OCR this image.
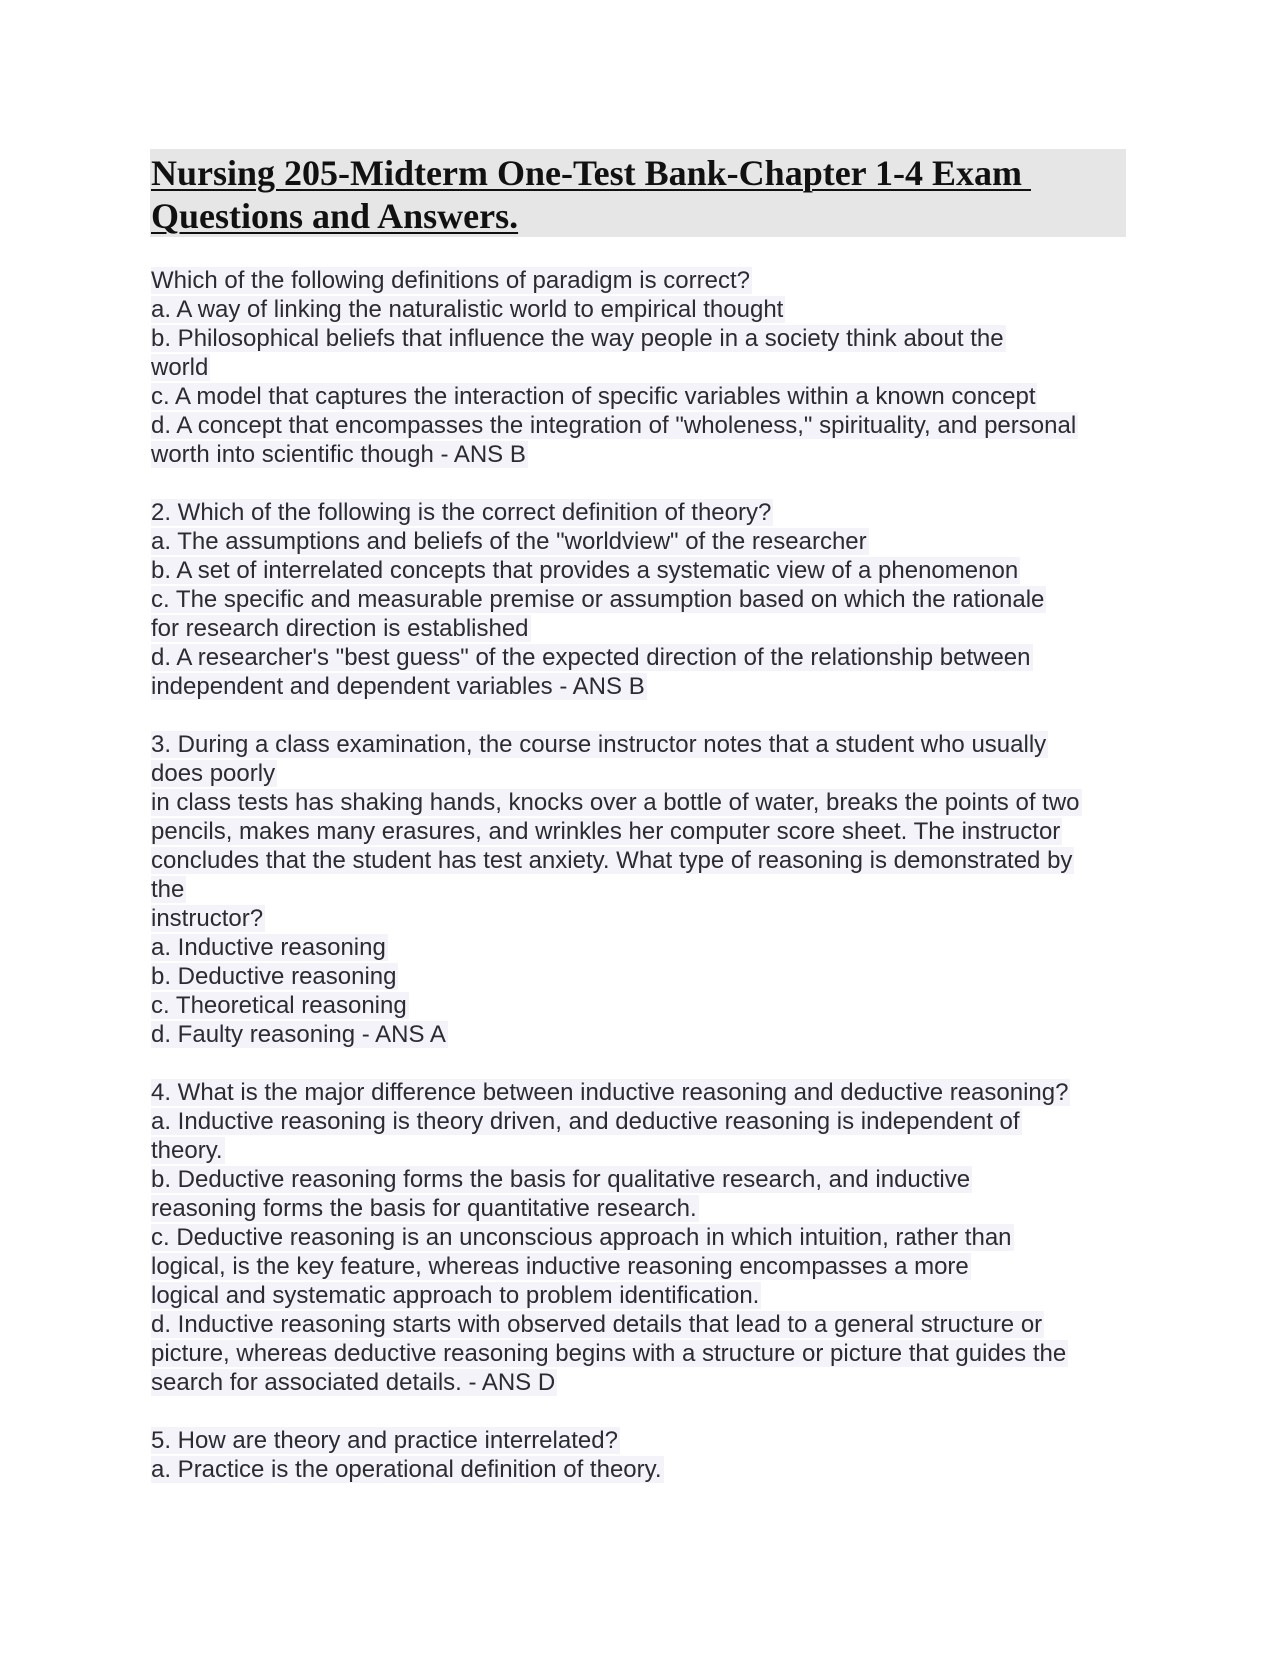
Nursing 205-Midterm One-Test Bank-Chapter 1-4 Exam
Questions and Answers.
Which of the following definitions of paradigm is correct?
a. A way of linking the naturalistic world to empirical thought
b. Philosophical beliefs that influence the way people in a society think about the
world
c. A model that captures the interaction of specific variables within a known concept
d. A concept that encompasses the integration of "wholeness," spirituality, and personal
worth into scientific though - ANS B
2. Which of the following is the correct definition of theory?
a. The assumptions and beliefs of the "worldview" of the researcher
b. A set of interrelated concepts that provides a systematic view of a phenomenon
c. The specific and measurable premise or assumption based on which the rationale
for research direction is established
d. A researcher's "best guess" of the expected direction of the relationship between
independent and dependent variables - ANS B
3. During a class examination, the course instructor notes that a student who usually
does poorly
in class tests has shaking hands, knocks over a bottle of water, breaks the points of two
pencils, makes many erasures, and wrinkles her computer score sheet. The instructor
concludes that the student has test anxiety. What type of reasoning is demonstrated by
the
instructor?
a. Inductive reasoning
b. Deductive reasoning
c. Theoretical reasoning
d. Faulty reasoning - ANS A
4. What is the major difference between inductive reasoning and deductive reasoning?
a. Inductive reasoning is theory driven, and deductive reasoning is independent of
theory.
b. Deductive reasoning forms the basis for qualitative research, and inductive
reasoning forms the basis for quantitative research.
c. Deductive reasoning is an unconscious approach in which intuition, rather than
logical, is the key feature, whereas inductive reasoning encompasses a more
logical and systematic approach to problem identification.
d. Inductive reasoning starts with observed details that lead to a general structure or
picture, whereas deductive reasoning begins with a structure or picture that guides the
search for associated details. - ANS D
5. How are theory and practice interrelated?
a. Practice is the operational definition of theory.
